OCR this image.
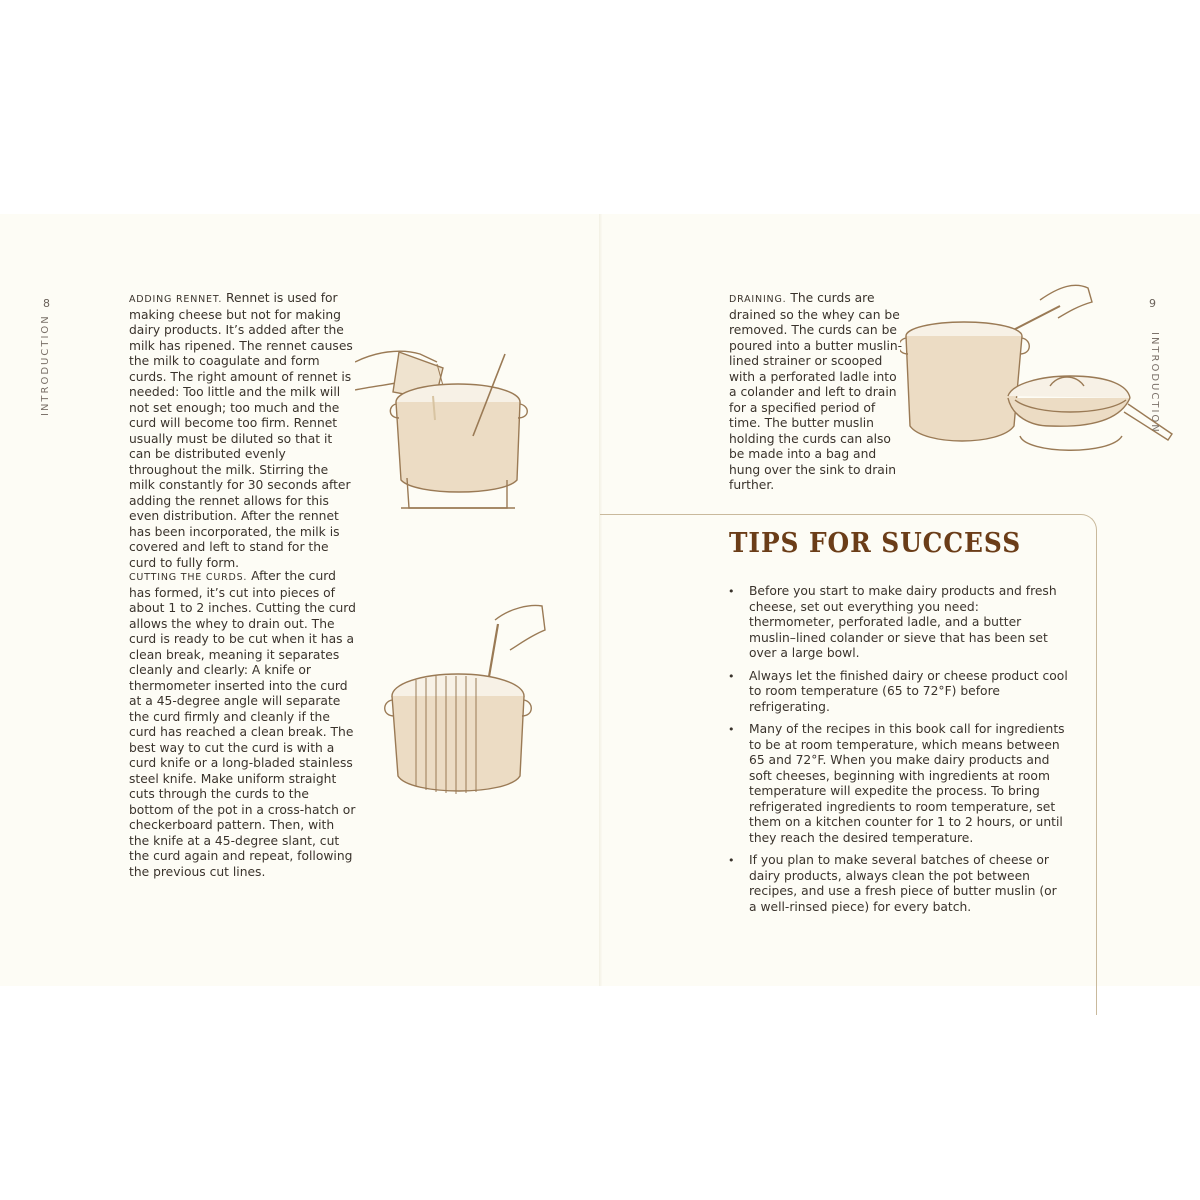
8
INTRODUCTION

ADDING RENNET. Rennet is used for making cheese but not for making dairy products. It’s added after the milk has ripened. The rennet causes the milk to coagulate and form curds. The right amount of rennet is needed: Too little and the milk will not set enough; too much and the curd will become too firm. Rennet usually must be diluted so that it can be distributed evenly throughout the milk. Stirring the milk constantly for 30 seconds after adding the rennet allows for this even distribution. After the rennet has been incorporated, the milk is covered and left to stand for the curd to fully form.

CUTTING THE CURDS. After the curd has formed, it’s cut into pieces of about 1 to 2 inches. Cutting the curd allows the whey to drain out. The curd is ready to be cut when it has a clean break, meaning it separates cleanly and clearly: A knife or thermometer inserted into the curd at a 45-degree angle will separate the curd firmly and cleanly if the curd has reached a clean break. The best way to cut the curd is with a curd knife or a long-bladed stainless steel knife. Make uniform straight cuts through the curds to the bottom of the pot in a cross-hatch or checkerboard pattern. Then, with the knife at a 45-degree slant, cut the curd again and repeat, following the previous cut lines.

9
INTRODUCTION

DRAINING. The curds are drained so the whey can be removed. The curds can be poured into a butter muslin-lined strainer or scooped with a perforated ladle into a colander and left to drain for a specified period of time. The butter muslin holding the curds can also be made into a bag and hung over the sink to drain further.

TIPS FOR SUCCESS
• Before you start to make dairy products and fresh cheese, set out everything you need: thermometer, perforated ladle, and a butter muslin–lined colander or sieve that has been set over a large bowl.
• Always let the finished dairy or cheese product cool to room temperature (65 to 72°F) before refrigerating.
• Many of the recipes in this book call for ingredients to be at room temperature, which means between 65 and 72°F. When you make dairy products and soft cheeses, beginning with ingredients at room temperature will expedite the process. To bring refrigerated ingredients to room temperature, set them on a kitchen counter for 1 to 2 hours, or until they reach the desired temperature.
• If you plan to make several batches of cheese or dairy products, always clean the pot between recipes, and use a fresh piece of butter muslin (or a well-rinsed piece) for every batch.
